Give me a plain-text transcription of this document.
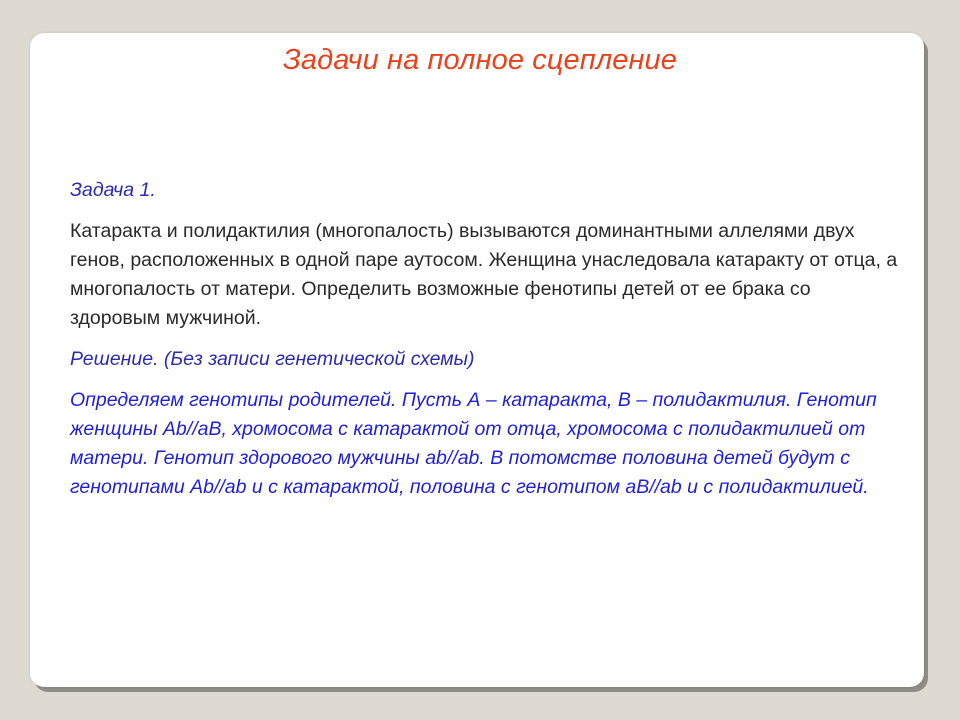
Задачи на полное сцепление

Задача 1.

Катаракта и полидактилия (многопалость) вызываются доминантными аллелями двух генов, расположенных в одной паре аутосом. Женщина унаследовала катаракту от отца, а многопалость от матери. Определить возможные фенотипы детей от ее брака со здоровым мужчиной.

Решение. (Без записи генетической схемы)

Определяем генотипы родителей. Пусть А – катаракта, В – полидактилия. Генотип женщины Аb//аВ, хромосома с катарактой от отца, хромосома с полидактилией от матери. Генотип здорового мужчины аb//аb. В потомстве половина детей будут с генотипами Аb//аb и с катарактой, половина с генотипом аВ//аb и с полидактилией.
